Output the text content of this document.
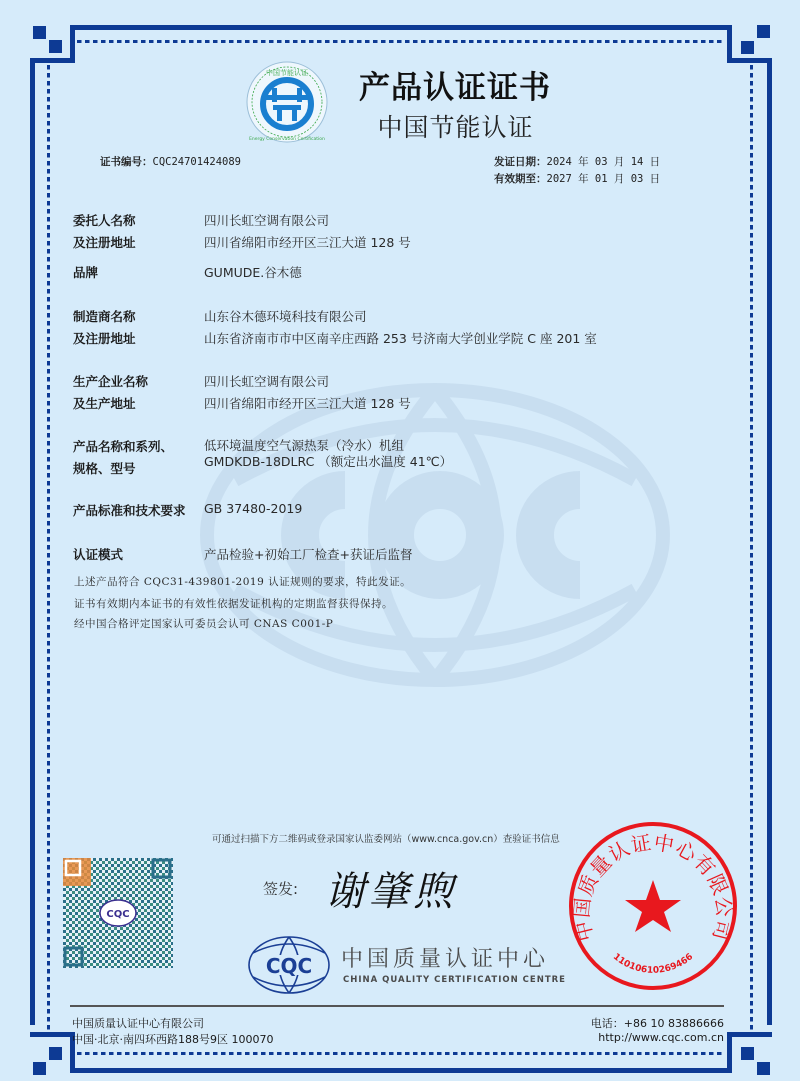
中国节能认证
Energy Conservation Certification
产品认证证书
中国节能认证
证书编号：CQC24701424089	发证日期：2024 年 03 月 14 日
有效期至：2027 年 01 月 03 日
委托人名称	四川长虹空调有限公司
及注册地址	四川省绵阳市经开区三江大道 128 号
品牌	GUMUDE.谷木德
制造商名称	山东谷木德环境科技有限公司
及注册地址	山东省济南市市中区南辛庄西路 253 号济南大学创业学院 C 座 201 室
生产企业名称	四川长虹空调有限公司
及生产地址	四川省绵阳市经开区三江大道 128 号
产品名称和系列、 低环境温度空气源热泵（冷水）机组
规格、型号	GMDKDB-18DLRC （额定出水温度 41℃）
产品标准和技术要求 GB 37480-2019
认证模式	产品检验+初始工厂检查+获证后监督
上述产品符合 CQC31-439801-2019 认证规则的要求，特此发证。
证书有效期内本证书的有效性依据发证机构的定期监督获得保持。
经中国合格评定国家认可委员会认可 CNAS C001-P
可通过扫描下方二维码或登录国家认监委网站（www.cnca.gov.cn）查验证书信息
CQC
签发: 谢肇煦
CQC 中国质量认证中心
CHINA QUALITY CERTIFICATION CENTRE
中国质量认证中心有限公司
11010610269466
中国质量认证中心有限公司
中国·北京·南四环西路188号9区 100070
电话：+86 10 83886666
http://www.cqc.com.cn
